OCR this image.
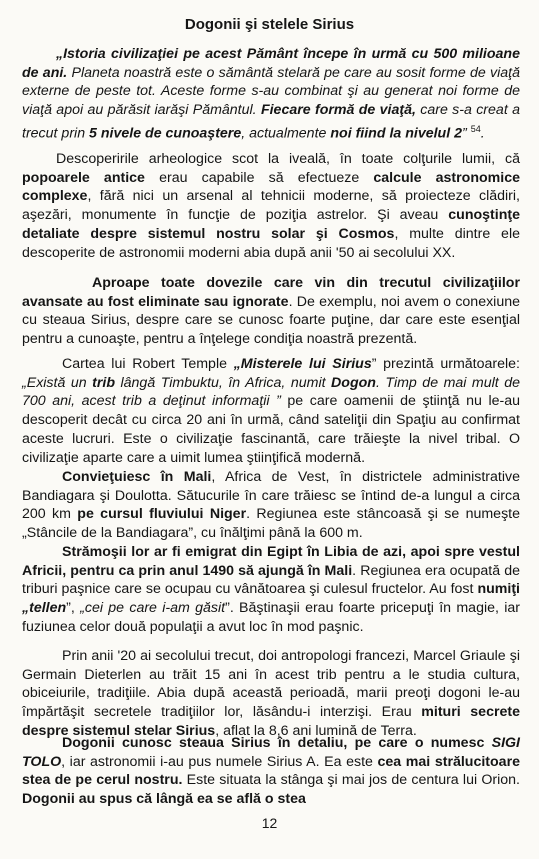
Dogonii şi stelele Sirius

„Istoria civilizaţiei pe acest Pământ începe în urmă cu 500 milioane de ani. Planeta noastră este o sământă stelară pe care au sosit forme de viaţă externe de peste tot. Aceste forme s-au combinat şi au generat noi forme de viaţă apoi au părăsit iarăşi Pământul. Fiecare formă de viaţă, care s-a creat a trecut prin 5 nivele de cunoaştere, actualmente noi fiind la nivelul 2” $^{54}$.

Descoperirile arheologice scot la iveală, în toate colţurile lumii, că popoarele antice erau capabile să efectueze calcule astronomice complexe, fără nici un arsenal al tehnicii moderne, să proiecteze clădiri, aşezări, monumente în funcţie de poziţia astrelor. Şi aveau cunoştinţe detaliate despre sistemul nostru solar şi Cosmos, multe dintre ele descoperite de astronomii moderni abia după anii '50 ai secolului XX.

Aproape toate dovezile care vin din trecutul civilizaţiilor avansate au fost eliminate sau ignorate. De exemplu, noi avem o conexiune cu steaua Sirius, despre care se cunosc foarte puţine, dar care este esenţial pentru a cunoaşte, pentru a înţelege condiţia noastră prezentă.

Cartea lui Robert Temple „Misterele lui Sirius” prezintă următoarele: „Există un trib lângă Timbuktu, în Africa, numit Dogon. Timp de mai mult de 700 ani, acest trib a deţinut informaţii ” pe care oamenii de ştiinţă nu le-au descoperit decât cu circa 20 ani în urmă, când sateliţii din Spaţiu au confirmat aceste lucruri. Este o civilizaţie fascinantă, care trăieşte la nivel tribal. O civilizaţie aparte care a uimit lumea ştiinţifică modernă.

Convieţuiesc în Mali, Africa de Vest, în districtele administrative Bandiagara şi Doulotta. Sătucurile în care trăiesc se întind de-a lungul a circa 200 km pe cursul fluviului Niger. Regiunea este stâncoasă şi se numeşte „Stâncile de la Bandiagara”, cu înălţimi până la 600 m.

Strămoşii lor ar fi emigrat din Egipt în Libia de azi, apoi spre vestul Africii, pentru ca prin anul 1490 să ajungă în Mali. Regiunea era ocupată de triburi paşnice care se ocupau cu vânătoarea şi culesul fructelor. Au fost numiţi „tellen”, „cei pe care i-am găsit”. Băştinaşii erau foarte pricepuţi în magie, iar fuziunea celor două populaţii a avut loc în mod paşnic.

Prin anii '20 ai secolului trecut, doi antropologi francezi, Marcel Griaule şi Germain Dieterlen au trăit 15 ani în acest trib pentru a le studia cultura, obiceiurile, tradiţiile. Abia după această perioadă, marii preoţi dogoni le-au împărtăşit secretele tradiţiilor lor, lăsându-i interzişi. Erau mituri secrete despre sistemul stelar Sirius, aflat la 8,6 ani lumină de Terra.

Dogonii cunosc steaua Sirius în detaliu, pe care o numesc SIGI TOLO, iar astronomii i-au pus numele Sirius A. Ea este cea mai strălucitoare stea de pe cerul nostru. Este situata la stânga şi mai jos de centura lui Orion. Dogonii au spus că lângă ea se află o stea

12
